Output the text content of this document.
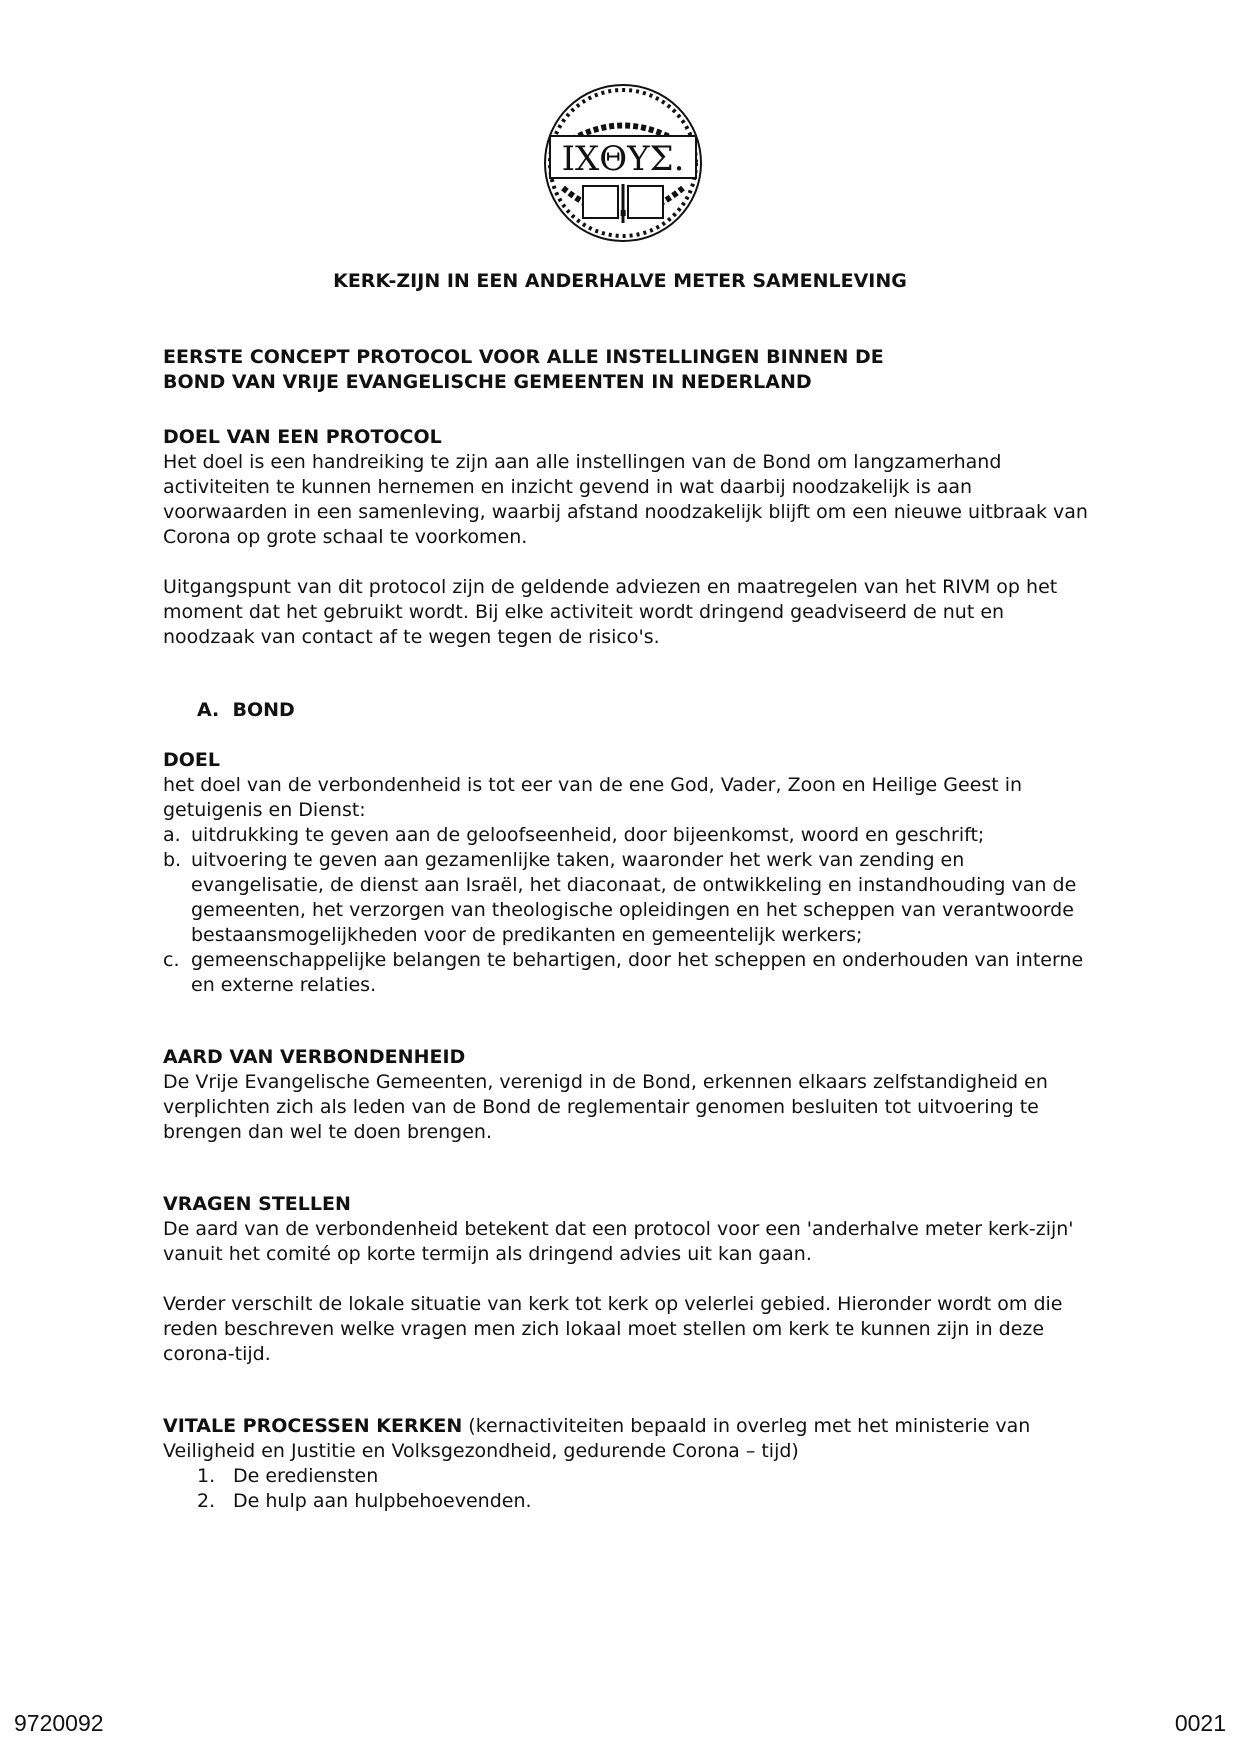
ΙΧΘΥΣ.
KERK-ZIJN IN EEN ANDERHALVE METER SAMENLEVING
EERSTE CONCEPT PROTOCOL VOOR ALLE INSTELLINGEN BINNEN DE
BOND VAN VRIJE EVANGELISCHE GEMEENTEN IN NEDERLAND
DOEL VAN EEN PROTOCOL

Het doel is een handreiking te zijn aan alle instellingen van de Bond om langzamerhand activiteiten te kunnen hernemen en inzicht gevend in wat daarbij noodzakelijk is aan voorwaarden in een samenleving, waarbij afstand noodzakelijk blijft om een nieuwe uitbraak van Corona op grote schaal te voorkomen.

Uitgangspunt van dit protocol zijn de geldende adviezen en maatregelen van het RIVM op het moment dat het gebruikt wordt. Bij elke activiteit wordt dringend geadviseerd de nut en noodzaak van contact af te wegen tegen de risico's.

A. BOND
DOEL

het doel van de verbondenheid is tot eer van de ene God, Vader, Zoon en Heilige Geest in getuigenis en Dienst:

a. uitdrukking te geven aan de geloofseenheid, door bijeenkomst, woord en geschrift;
b. uitvoering te geven aan gezamenlijke taken, waaronder het werk van zending en evangelisatie, de dienst aan Israël, het diaconaat, de ontwikkeling en instandhouding van de gemeenten, het verzorgen van theologische opleidingen en het scheppen van verantwoorde bestaansmogelijkheden voor de predikanten en gemeentelijk werkers;
c. gemeenschappelijke belangen te behartigen, door het scheppen en onderhouden van interne en externe relaties.
AARD VAN VERBONDENHEID

De Vrije Evangelische Gemeenten, verenigd in de Bond, erkennen elkaars zelfstandigheid en verplichten zich als leden van de Bond de reglementair genomen besluiten tot uitvoering te brengen dan wel te doen brengen.

VRAGEN STELLEN

De aard van de verbondenheid betekent dat een protocol voor een 'anderhalve meter kerk-zijn' vanuit het comité op korte termijn als dringend advies uit kan gaan.

Verder verschilt de lokale situatie van kerk tot kerk op velerlei gebied. Hieronder wordt om die reden beschreven welke vragen men zich lokaal moet stellen om kerk te kunnen zijn in deze corona-tijd.

VITALE PROCESSEN KERKEN (kernactiviteiten bepaald in overleg met het ministerie van Veiligheid en Justitie en Volksgezondheid, gedurende Corona – tijd)

1. De erediensten
2. De hulp aan hulpbehoevenden.
9720092	0021
